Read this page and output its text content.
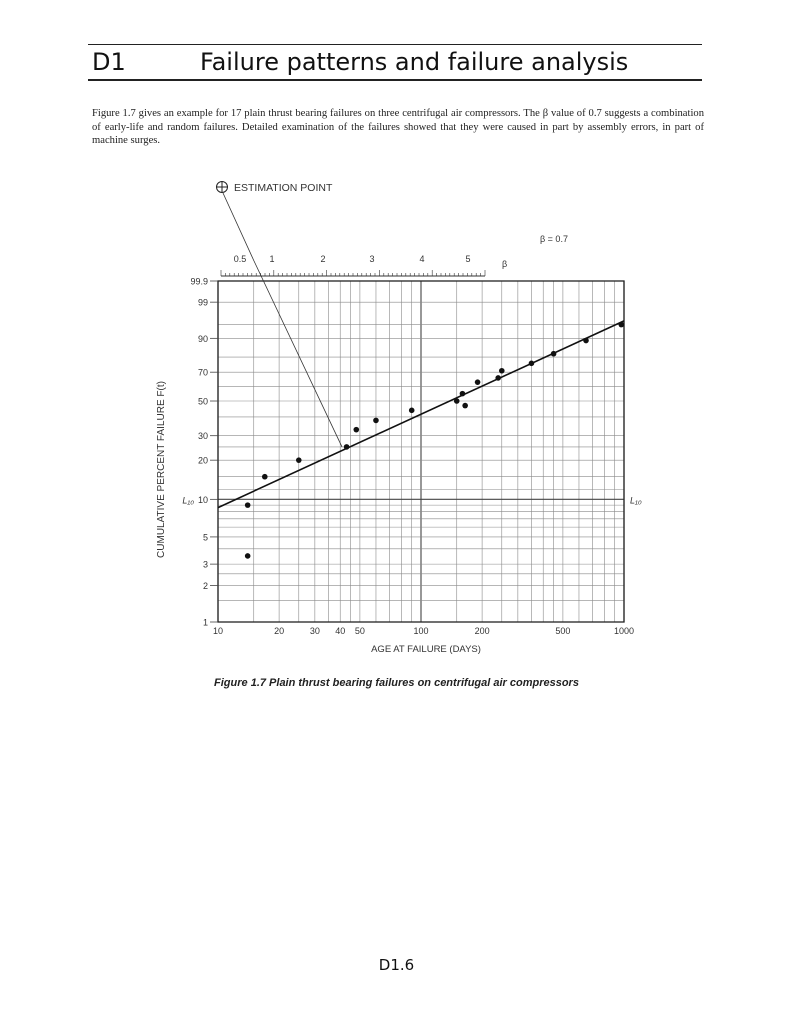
D1	Failure patterns and failure analysis

Figure 1.7 gives an example for 17 plain thrust bearing failures on three centrifugal air compressors. The β value of 0.7 suggests a combination of early-life and random failures. Detailed examination of the failures showed that they were caused in part by assembly errors, in part of machine surges.

1
2
3
5
10
20
30
50
70
90
99
99.9
10	20	30 40 50	100	200	500	1000
AGE AT FAILURE (DAYS)
CUMULATIVE PERCENT FAILURE F(t) L₁₀	L₁₀
0.5	1	2	3	4	5	β
β = 0.7
ESTIMATION POINT
Figure 1.7 Plain thrust bearing failures on centrifugal air compressors
D1.6
